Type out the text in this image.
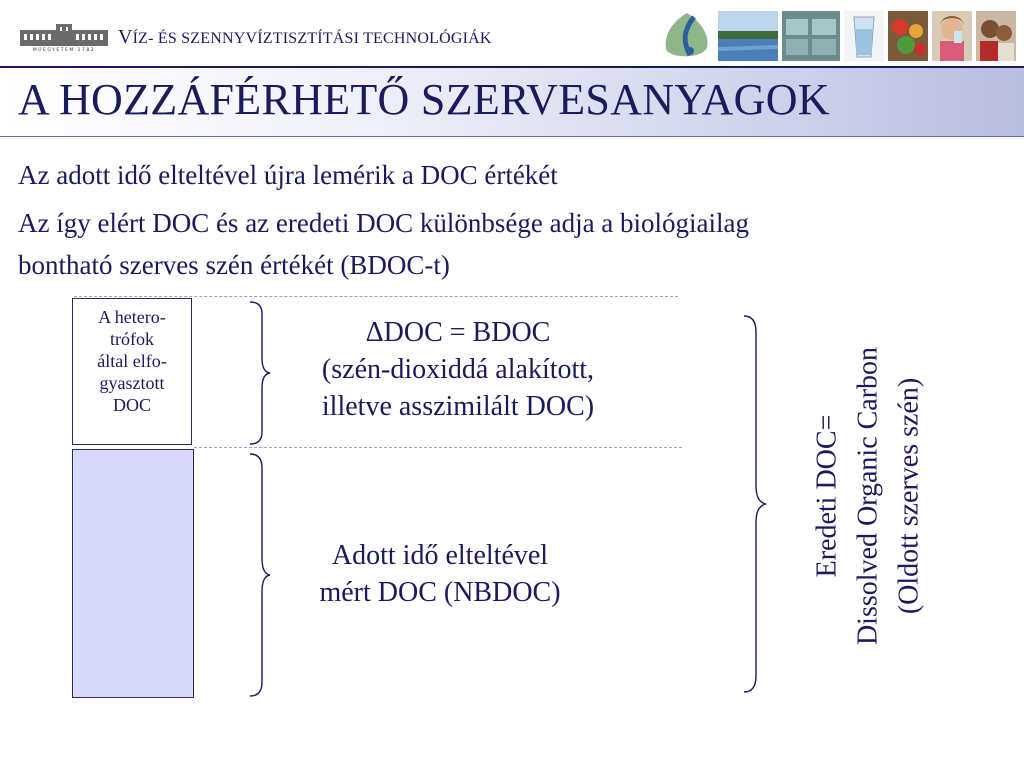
MŰEGYETEM 1782
VÍZ- ÉS SZENNYVÍZTISZTÍTÁSI TECHNOLÓGIÁK
A HOZZÁFÉRHETŐ SZERVESANYAGOK
Az adott idő elteltével újra lemérik a DOC értékét
Az így elért DOC és az eredeti DOC különbsége adja a biológiailag
bontható szerves szén értékét (BDOC-t)
A hetero-
trófok
által elfo-
gyasztott
DOC
ΔDOC = BDOC
(szén-dioxiddá alakított,
illetve asszimilált DOC)
Adott idő elteltével
mért DOC (NBDOC)
Eredeti DOC= Dissolved Organic Carbon (Oldott szerves szén)
